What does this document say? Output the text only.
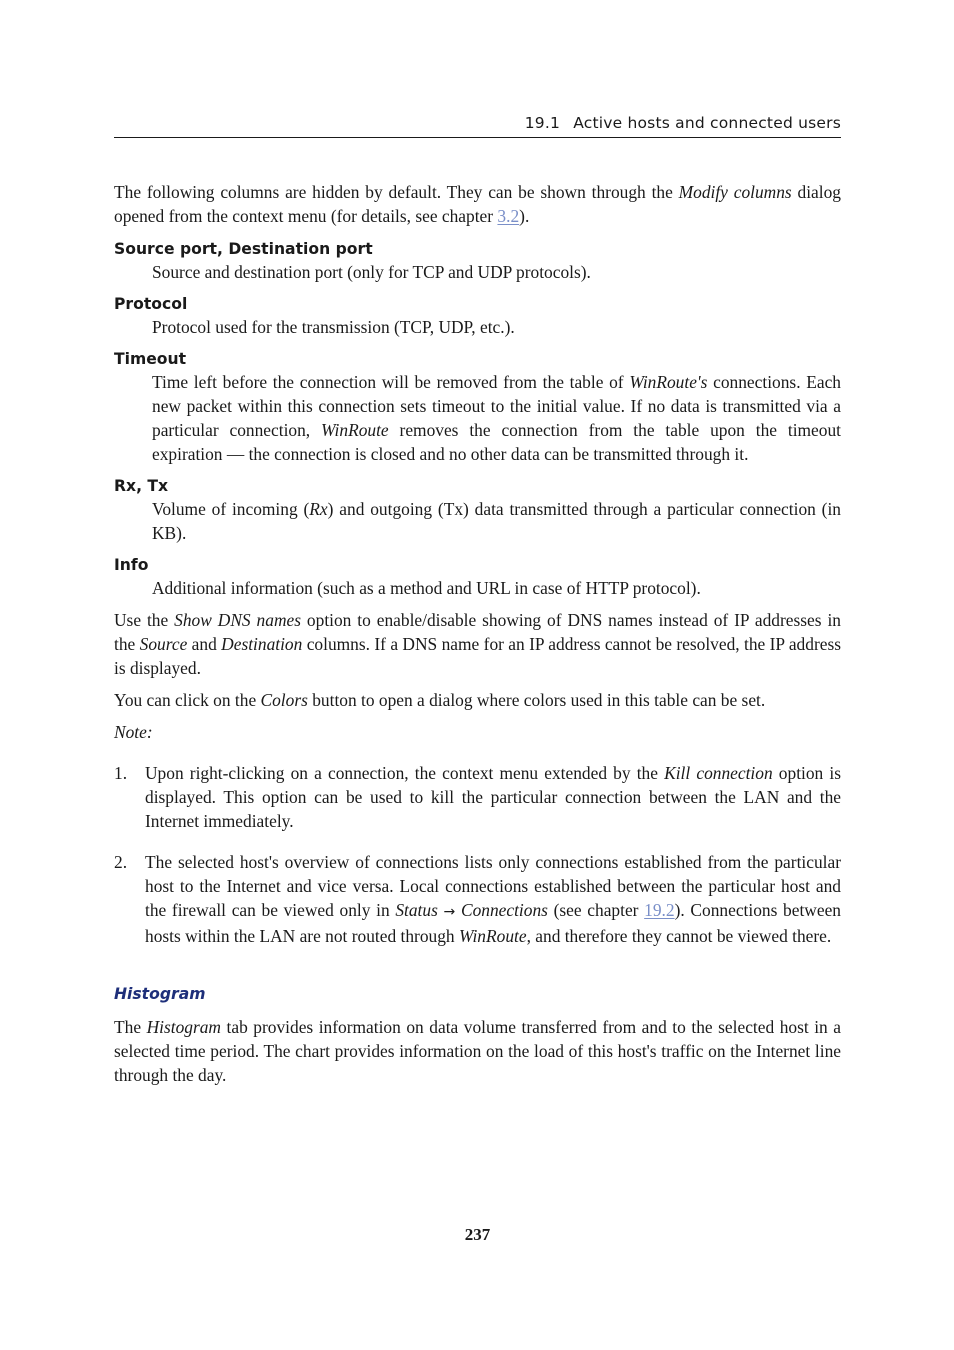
19.1 Active hosts and connected users

The following columns are hidden by default. They can be shown through the Modify columns dialog opened from the context menu (for details, see chapter 3.2).

Source port, Destination port
Source and destination port (only for TCP and UDP protocols).
Protocol
Protocol used for the transmission (TCP, UDP, etc.).
Timeout
Time left before the connection will be removed from the table of WinRoute's connections. Each new packet within this connection sets timeout to the initial value. If no data is transmitted via a particular connection, WinRoute removes the connection from the table upon the timeout expiration — the connection is closed and no other data can be transmitted through it.
Rx, Tx
Volume of incoming (Rx) and outgoing (Tx) data transmitted through a particular connection (in KB).
Info
Additional information (such as a method and URL in case of HTTP protocol).

Use the Show DNS names option to enable/disable showing of DNS names instead of IP addresses in the Source and Destination columns. If a DNS name for an IP address cannot be resolved, the IP address is displayed.

You can click on the Colors button to open a dialog where colors used in this table can be set.

Note:

1. Upon right-clicking on a connection, the context menu extended by the Kill connection option is displayed. This option can be used to kill the particular connection between the LAN and the Internet immediately.
2. The selected host's overview of connections lists only connections established from the particular host to the Internet and vice versa. Local connections established between the particular host and the firewall can be viewed only in Status → Connections (see chapter 19.2). Connections between hosts within the LAN are not routed through WinRoute, and therefore they cannot be viewed there.
Histogram

The Histogram tab provides information on data volume transferred from and to the selected host in a selected time period. The chart provides information on the load of this host's traffic on the Internet line through the day.

237
